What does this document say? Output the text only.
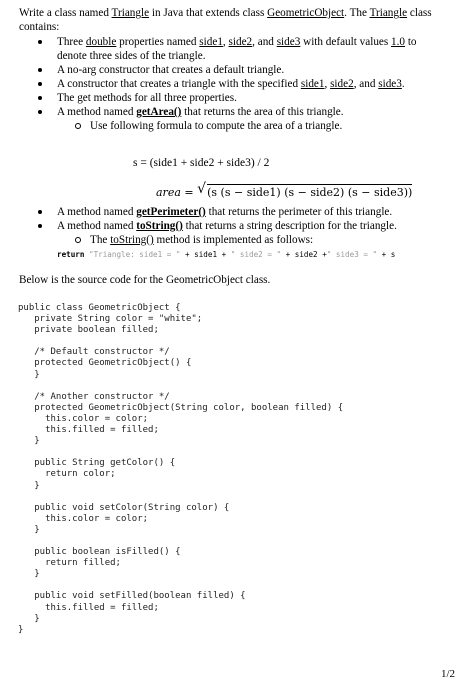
Write a class named Triangle in Java that extends class GeometricObject. The Triangle class contains:
Three double properties named side1, side2, and side3 with default values 1.0 to denote three sides of the triangle.
A no-arg constructor that creates a default triangle.
A constructor that creates a triangle with the specified side1, side2, and side3.
The get methods for all three properties.
A method named getArea() that returns the area of this triangle.
Use following formula to compute the area of a triangle.
s = (side1 + side2 + side3) / 2
area = √ (s (s − side1) (s − side2) (s − side3))
A method named getPerimeter() that returns the perimeter of this triangle.
A method named toString() that returns a string description for the triangle.
The toString() method is implemented as follows:
return "Triangle: side1 = " + side1 + " side2 = " + side2 +" side3 = " + s
Below is the source code for the GeometricObject class.
public class GeometricObject {
private String color = "white";
private boolean filled;

/* Default constructor */
protected GeometricObject() {
}

/* Another constructor */
protected GeometricObject(String color, boolean filled) {
this.color = color;
this.filled = filled;
}

public String getColor() {
return color;
}

public void setColor(String color) {
this.color = color;
}

public boolean isFilled() {
return filled;
}

public void setFilled(boolean filled) {
this.filled = filled;
}
}
1/2
